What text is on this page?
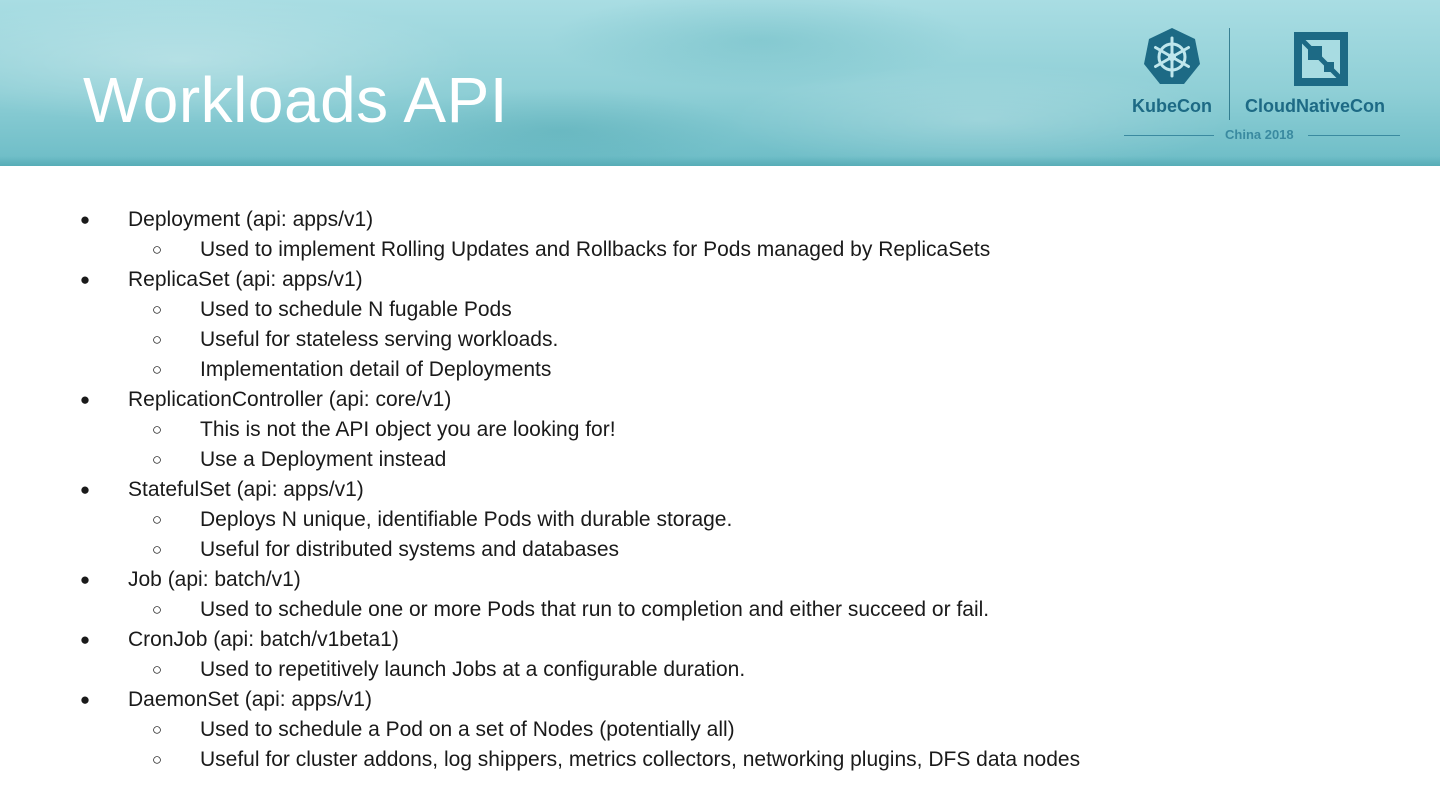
Workloads API	KubeCon CloudNativeCon
China 2018
● Deployment (api: apps/v1)
○ Used to implement Rolling Updates and Rollbacks for Pods managed by ReplicaSets
● ReplicaSet (api: apps/v1)
○ Used to schedule N fugable Pods
○ Useful for stateless serving workloads.
○ Implementation detail of Deployments
● ReplicationController (api: core/v1)
○ This is not the API object you are looking for!
○ Use a Deployment instead
● StatefulSet (api: apps/v1)
○ Deploys N unique, identifiable Pods with durable storage.
○ Useful for distributed systems and databases
● Job (api: batch/v1)
○ Used to schedule one or more Pods that run to completion and either succeed or fail.
● CronJob (api: batch/v1beta1)
○ Used to repetitively launch Jobs at a configurable duration.
● DaemonSet (api: apps/v1)
○ Used to schedule a Pod on a set of Nodes (potentially all)
○ Useful for cluster addons, log shippers, metrics collectors, networking plugins, DFS data nodes
